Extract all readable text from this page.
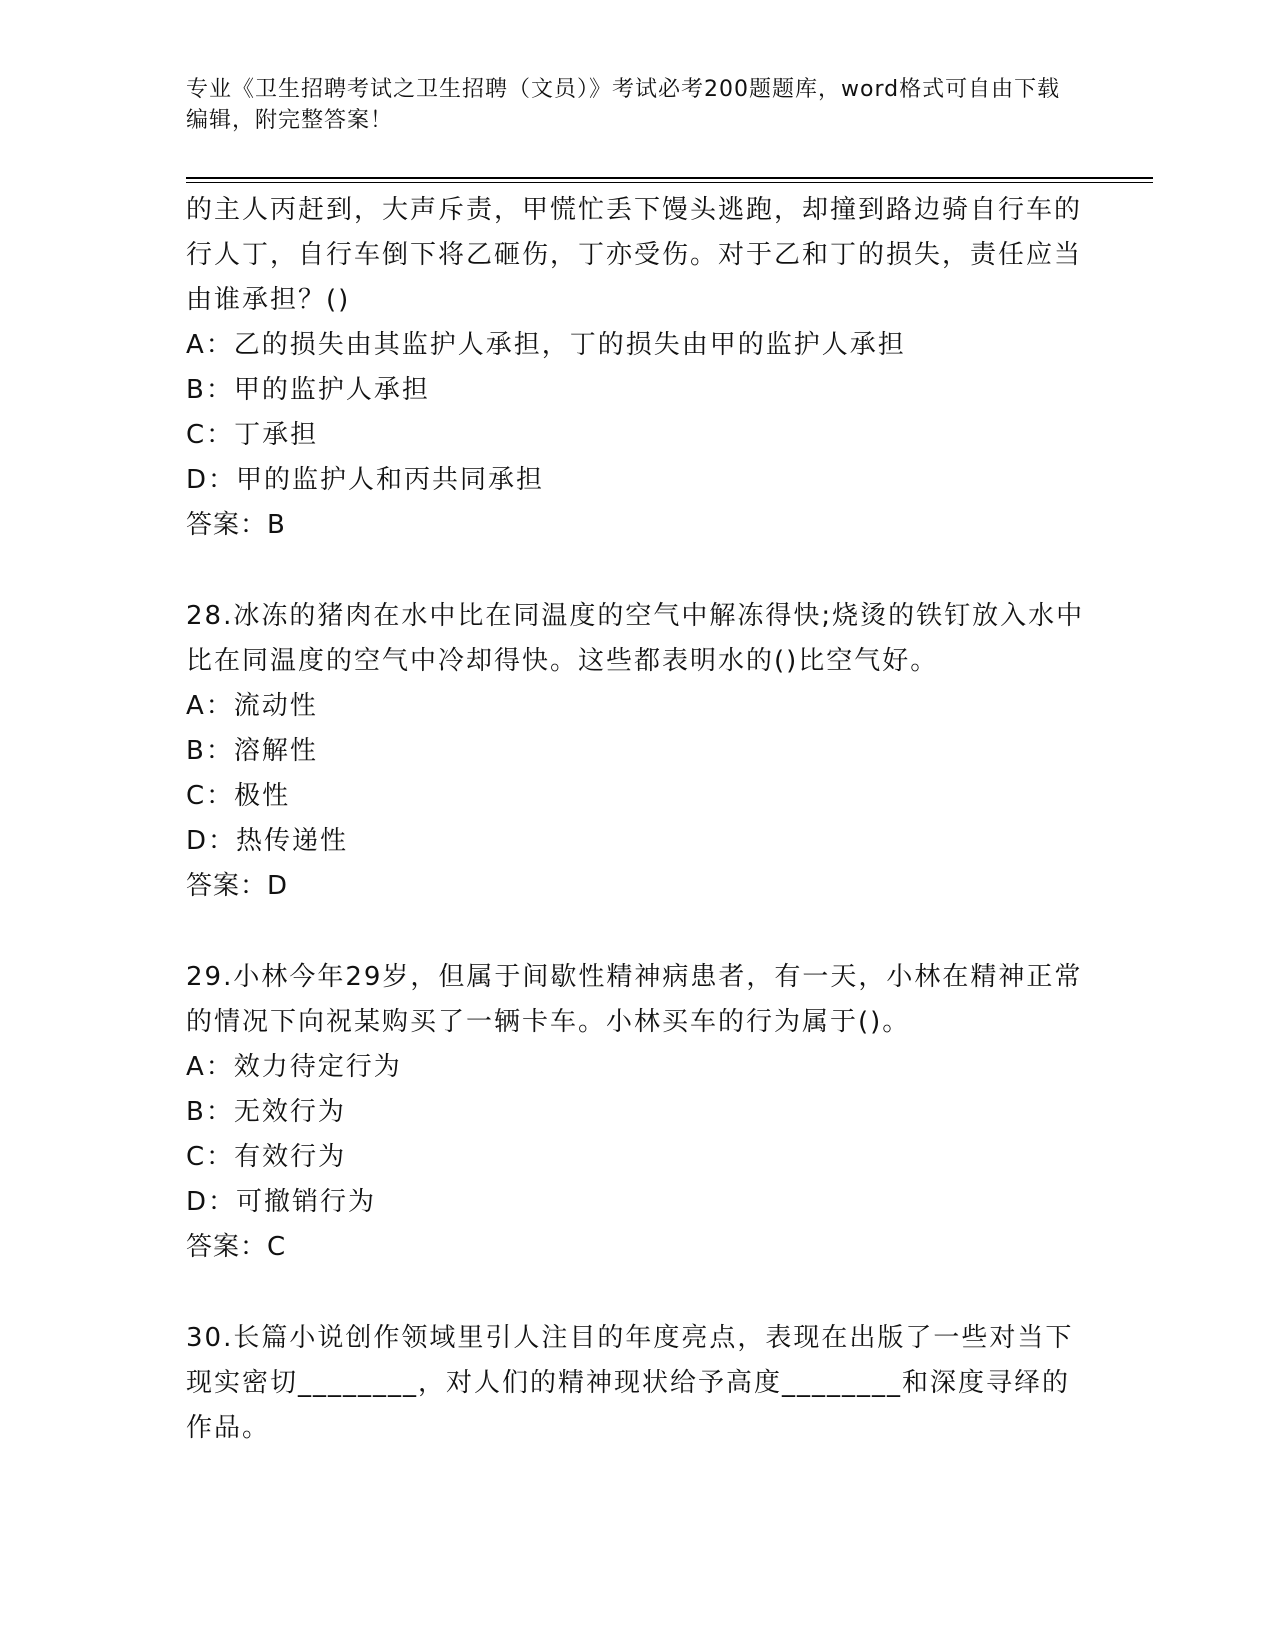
专业《卫生招聘考试之卫生招聘（文员）》考试必考200题题库，word格式可自由下载编辑，附完整答案！

的主人丙赶到，大声斥责，甲慌忙丢下馒头逃跑，却撞到路边骑自行车的行人丁，自行车倒下将乙砸伤，丁亦受伤。对于乙和丁的损失，责任应当由谁承担？()

A：乙的损失由其监护人承担，丁的损失由甲的监护人承担

B：甲的监护人承担

C：丁承担

D：甲的监护人和丙共同承担

答案：B

28.冰冻的猪肉在水中比在同温度的空气中解冻得快;烧烫的铁钉放入水中比在同温度的空气中冷却得快。这些都表明水的()比空气好。

A：流动性

B：溶解性

C：极性

D：热传递性

答案：D

29.小林今年29岁，但属于间歇性精神病患者，有一天，小林在精神正常的情况下向祝某购买了一辆卡车。小林买车的行为属于()。

A：效力待定行为

B：无效行为

C：有效行为

D：可撤销行为

答案：C

30.长篇小说创作领域里引人注目的年度亮点，表现在出版了一些对当下现实密切________，对人们的精神现状给予高度________和深度寻绎的作品。
